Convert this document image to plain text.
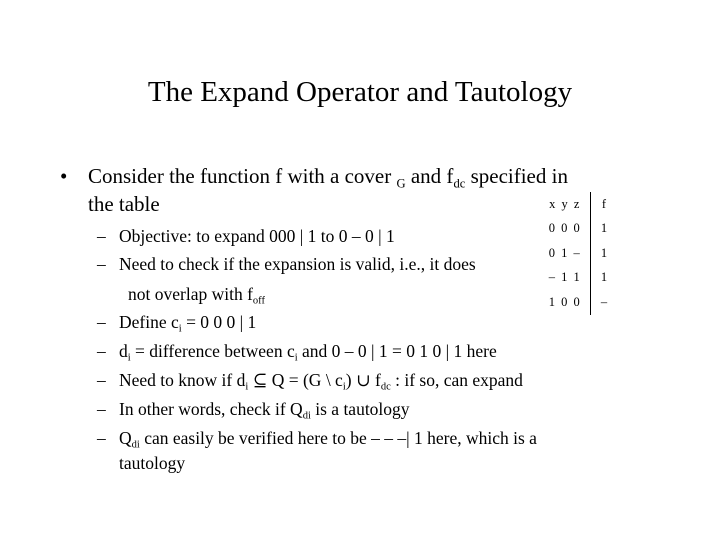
The Expand Operator and Tautology
• Consider the function f with a cover $_G$ and $f_{dc}$ specified in
the table
– Objective: to expand 000 | 1 to 0 – 0 | 1
– Need to check if the expansion is valid, i.e., it does
not overlap with $f_{off}$
– Define $c_i = 0$ 0 0 | 1
– $d_i$ = difference between $c_i$ and 0 – 0 | 1 = 0 1 0 | 1 here
– Need to know if $d_i$ ⊆ Q = (G \ $c_i$) ∪ $f_{dc}$ : if so, can expand
– In other words, check if $Q_{di}$ is a tautology
– $Q_{di}$ can easily be verified here to be – – –| 1 here, which is a
tautology
x y z	f
0 0 0	1
0 1 –	1
– 1 1	1
1 0 0	–
